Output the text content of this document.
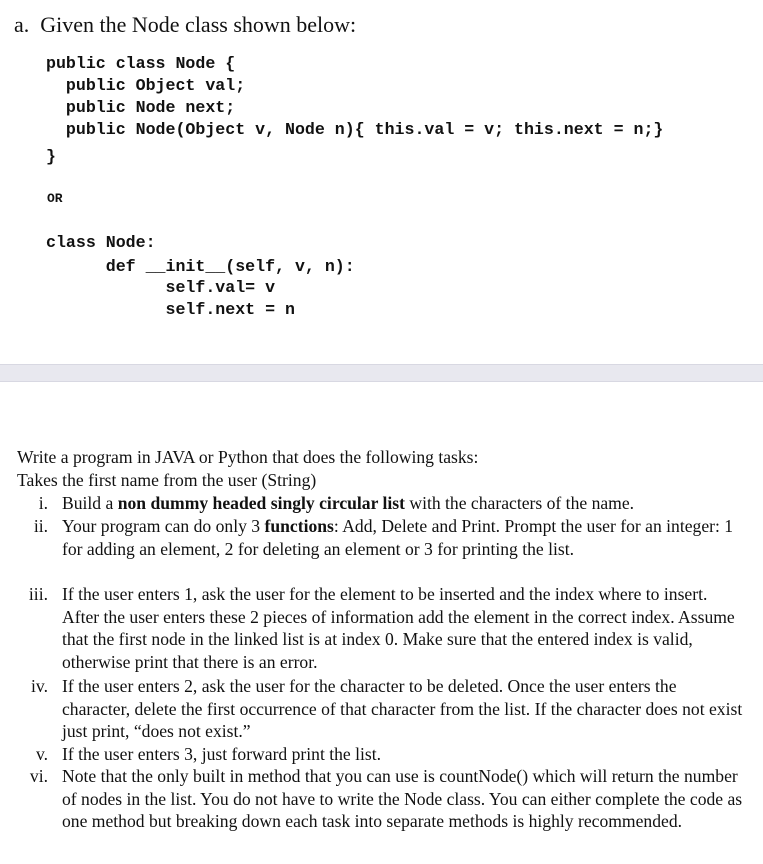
a.  Given the Node class shown below:
public class Node {
public Object val;
public Node next;
public Node(Object v, Node n){ this.val = v; this.next = n;}
}
OR
class Node:
def __init__(self, v, n):
self.val= v
self.next = n
Write a program in JAVA or Python that does the following tasks:
Takes the first name from the user (String)
i. Build a non dummy headed singly circular list with the characters of the name.
ii. Your program can do only 3 functions: Add, Delete and Print. Prompt the user for an integer: 1 for adding an element, 2 for deleting an element or 3 for printing the list.
iii. If the user enters 1, ask the user for the element to be inserted and the index where to insert. After the user enters these 2 pieces of information add the element in the correct index. Assume that the first node in the linked list is at index 0. Make sure that the entered index is valid, otherwise print that there is an error.
iv. If the user enters 2, ask the user for the character to be deleted. Once the user enters the character, delete the first occurrence of that character from the list. If the character does not exist just print, “does not exist.”
v. If the user enters 3, just forward print the list.
vi. Note that the only built in method that you can use is countNode() which will return the number of nodes in the list. You do not have to write the Node class. You can either complete the code as one method but breaking down each task into separate methods is highly recommended.
